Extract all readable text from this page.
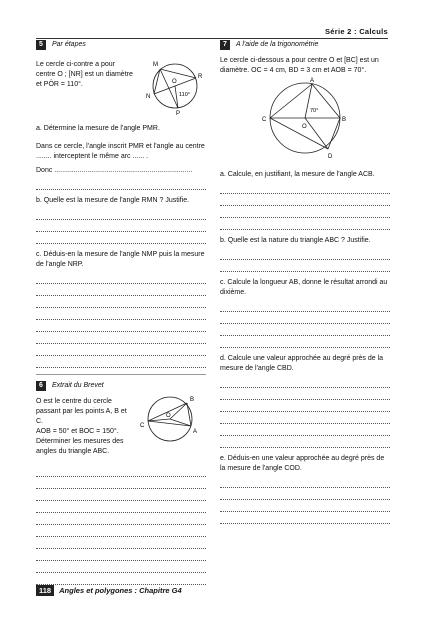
Série 2 : Calculs
5	Par étapes
Le cercle ci-contre a pour centre O ; [NR] est un diamètre et PÔR = 110°.
M
N
R
O
P
110°
a. Détermine la mesure de l'angle PMR.
Dans ce cercle, l'angle inscrit PMR et l'angle au centre ........ interceptent le même arc ...... .
Donc .......................................................................
b. Quelle est la mesure de l'angle RMN ? Justifie.
c. Déduis-en la mesure de l'angle NMP puis la mesure de l'angle NRP.
6	Extrait du Brevet
O est le centre du cercle passant par les points A, B et C.
AOB = 50° et BOC = 150°.
Déterminer les mesures des angles du triangle ABC.
B
A
C
O
7	A l'aide de la trigonométrie
Le cercle ci-dessous a pour centre O et [BC] est un diamètre. OC = 4 cm, BD = 3 cm et AOB = 70°.
A
C	B
O
D
70°
a. Calcule, en justifiant, la mesure de l'angle ACB.
b. Quelle est la nature du triangle ABC ? Justifie.
c. Calcule la longueur AB, donne le résultat arrondi au dixième.
d. Calcule une valeur approchée au degré près de la mesure de l'angle CBD.
e. Déduis-en une valeur approchée au degré près de la mesure de l'angle COD.
118	Angles et polygones : Chapitre G4
